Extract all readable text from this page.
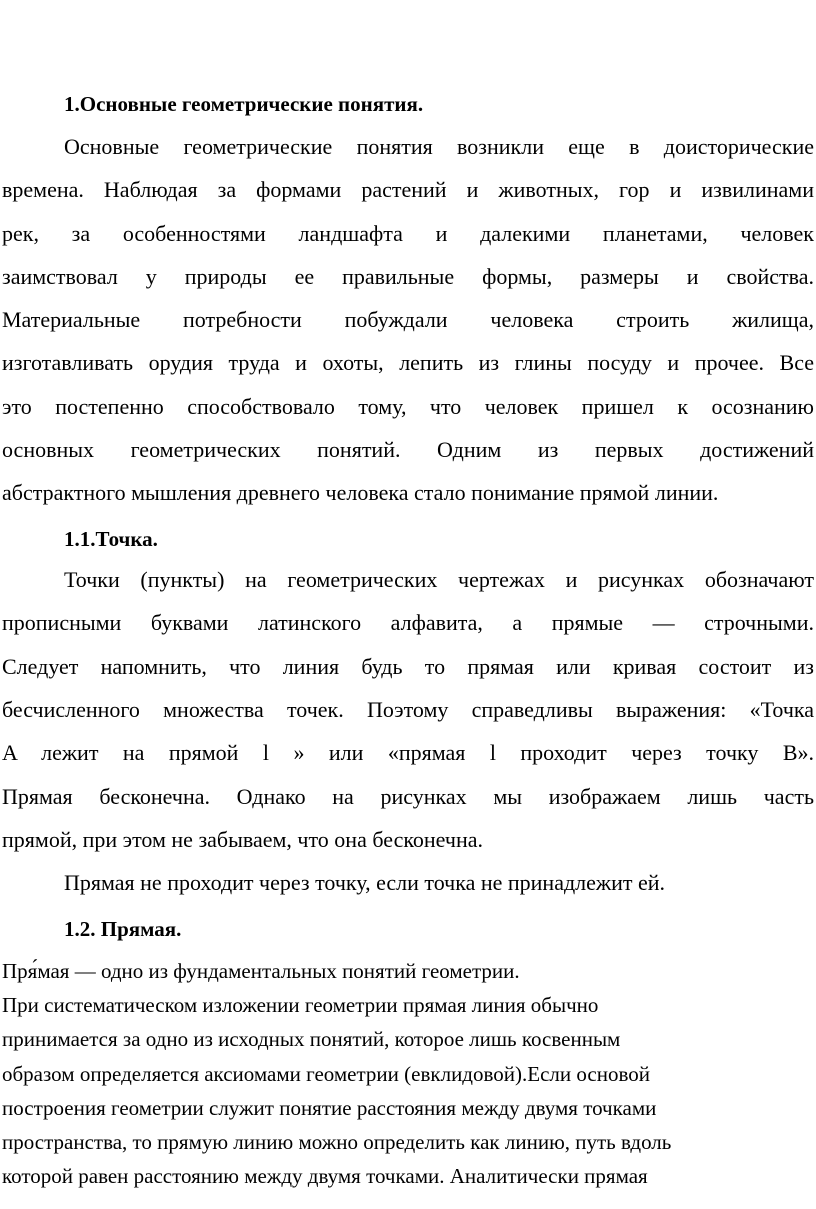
1.Основные геометрические понятия.
Основные геометрические понятия возникли еще в доисторические
времена. Наблюдая за формами растений и животных, гор и извилинами
рек, за особенностями ландшафта и далекими планетами, человек
заимствовал у природы ее правильные формы, размеры и свойства.
Материальные потребности побуждали человека строить жилища,
изготавливать орудия труда и охоты, лепить из глины посуду и прочее. Все
это постепенно способствовало тому, что человек пришел к осознанию
основных геометрических понятий. Одним из первых достижений
абстрактного мышления древнего человека стало понимание прямой линии.
1.1.Точка.
Точки (пункты) на геометрических чертежах и рисунках обозначают
прописными буквами латинского алфавита, а прямые — строчными.
Следует напомнить, что линия будь то прямая или кривая состоит из
бесчисленного множества точек. Поэтому справедливы выражения: «Точка
A лежит на прямой l » или «прямая l проходит через точку B».
Прямая бесконечна. Однако на рисунках мы изображаем лишь часть
прямой, при этом не забываем, что она бесконечна.
Прямая не проходит через точку, если точка не принадлежит ей.
1.2. Прямая.
Пря́мая — одно из фундаментальных понятий геометрии.
При систематическом изложении геометрии прямая линия обычно
принимается за одно из исходных понятий, которое лишь косвенным
образом определяется аксиомами геометрии (евклидовой).Если основой
построения геометрии служит понятие расстояния между двумя точками
пространства, то прямую линию можно определить как линию, путь вдоль
которой равен расстоянию между двумя точками. Аналитически прямая
